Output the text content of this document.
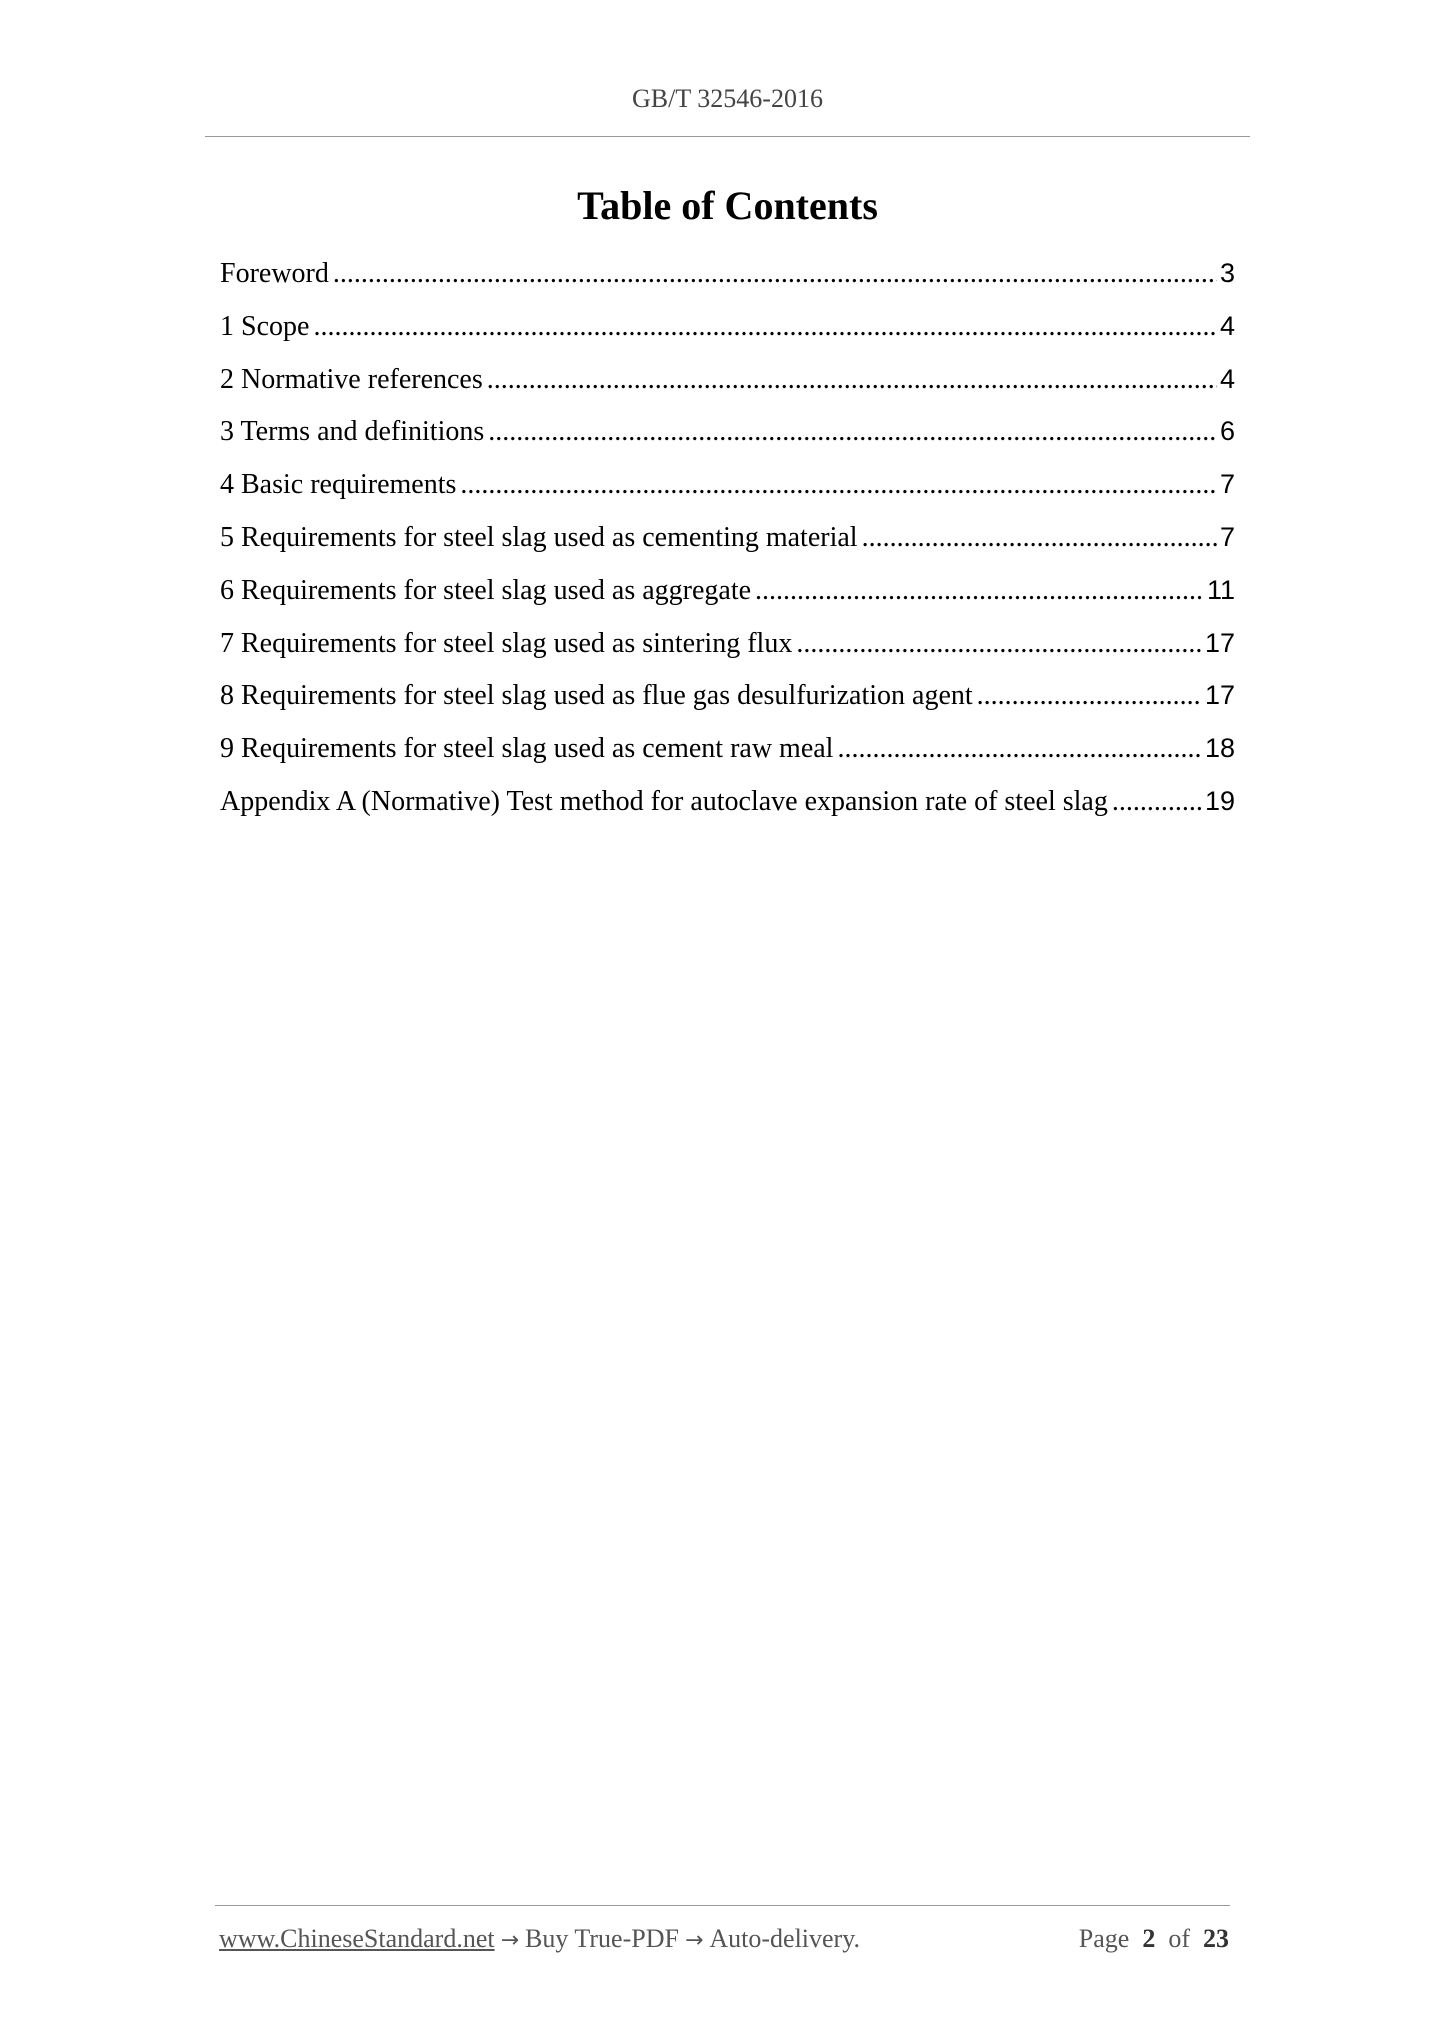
GB/T 32546-2016
Table of Contents
Foreword .....	3
1 Scope .....	4
2 Normative references .....	4
3 Terms and definitions .....	6
4 Basic requirements .....	7
5 Requirements for steel slag used as cementing material .....	7
6 Requirements for steel slag used as aggregate .....	11
7 Requirements for steel slag used as sintering flux .....	17
8 Requirements for steel slag used as flue gas desulfurization agent .....	17
9 Requirements for steel slag used as cement raw meal .....	18
Appendix A (Normative) Test method for autoclave expansion rate of steel slag .....	19
www.ChineseStandard.net → Buy True-PDF → Auto-delivery.	Page 2 of 23
